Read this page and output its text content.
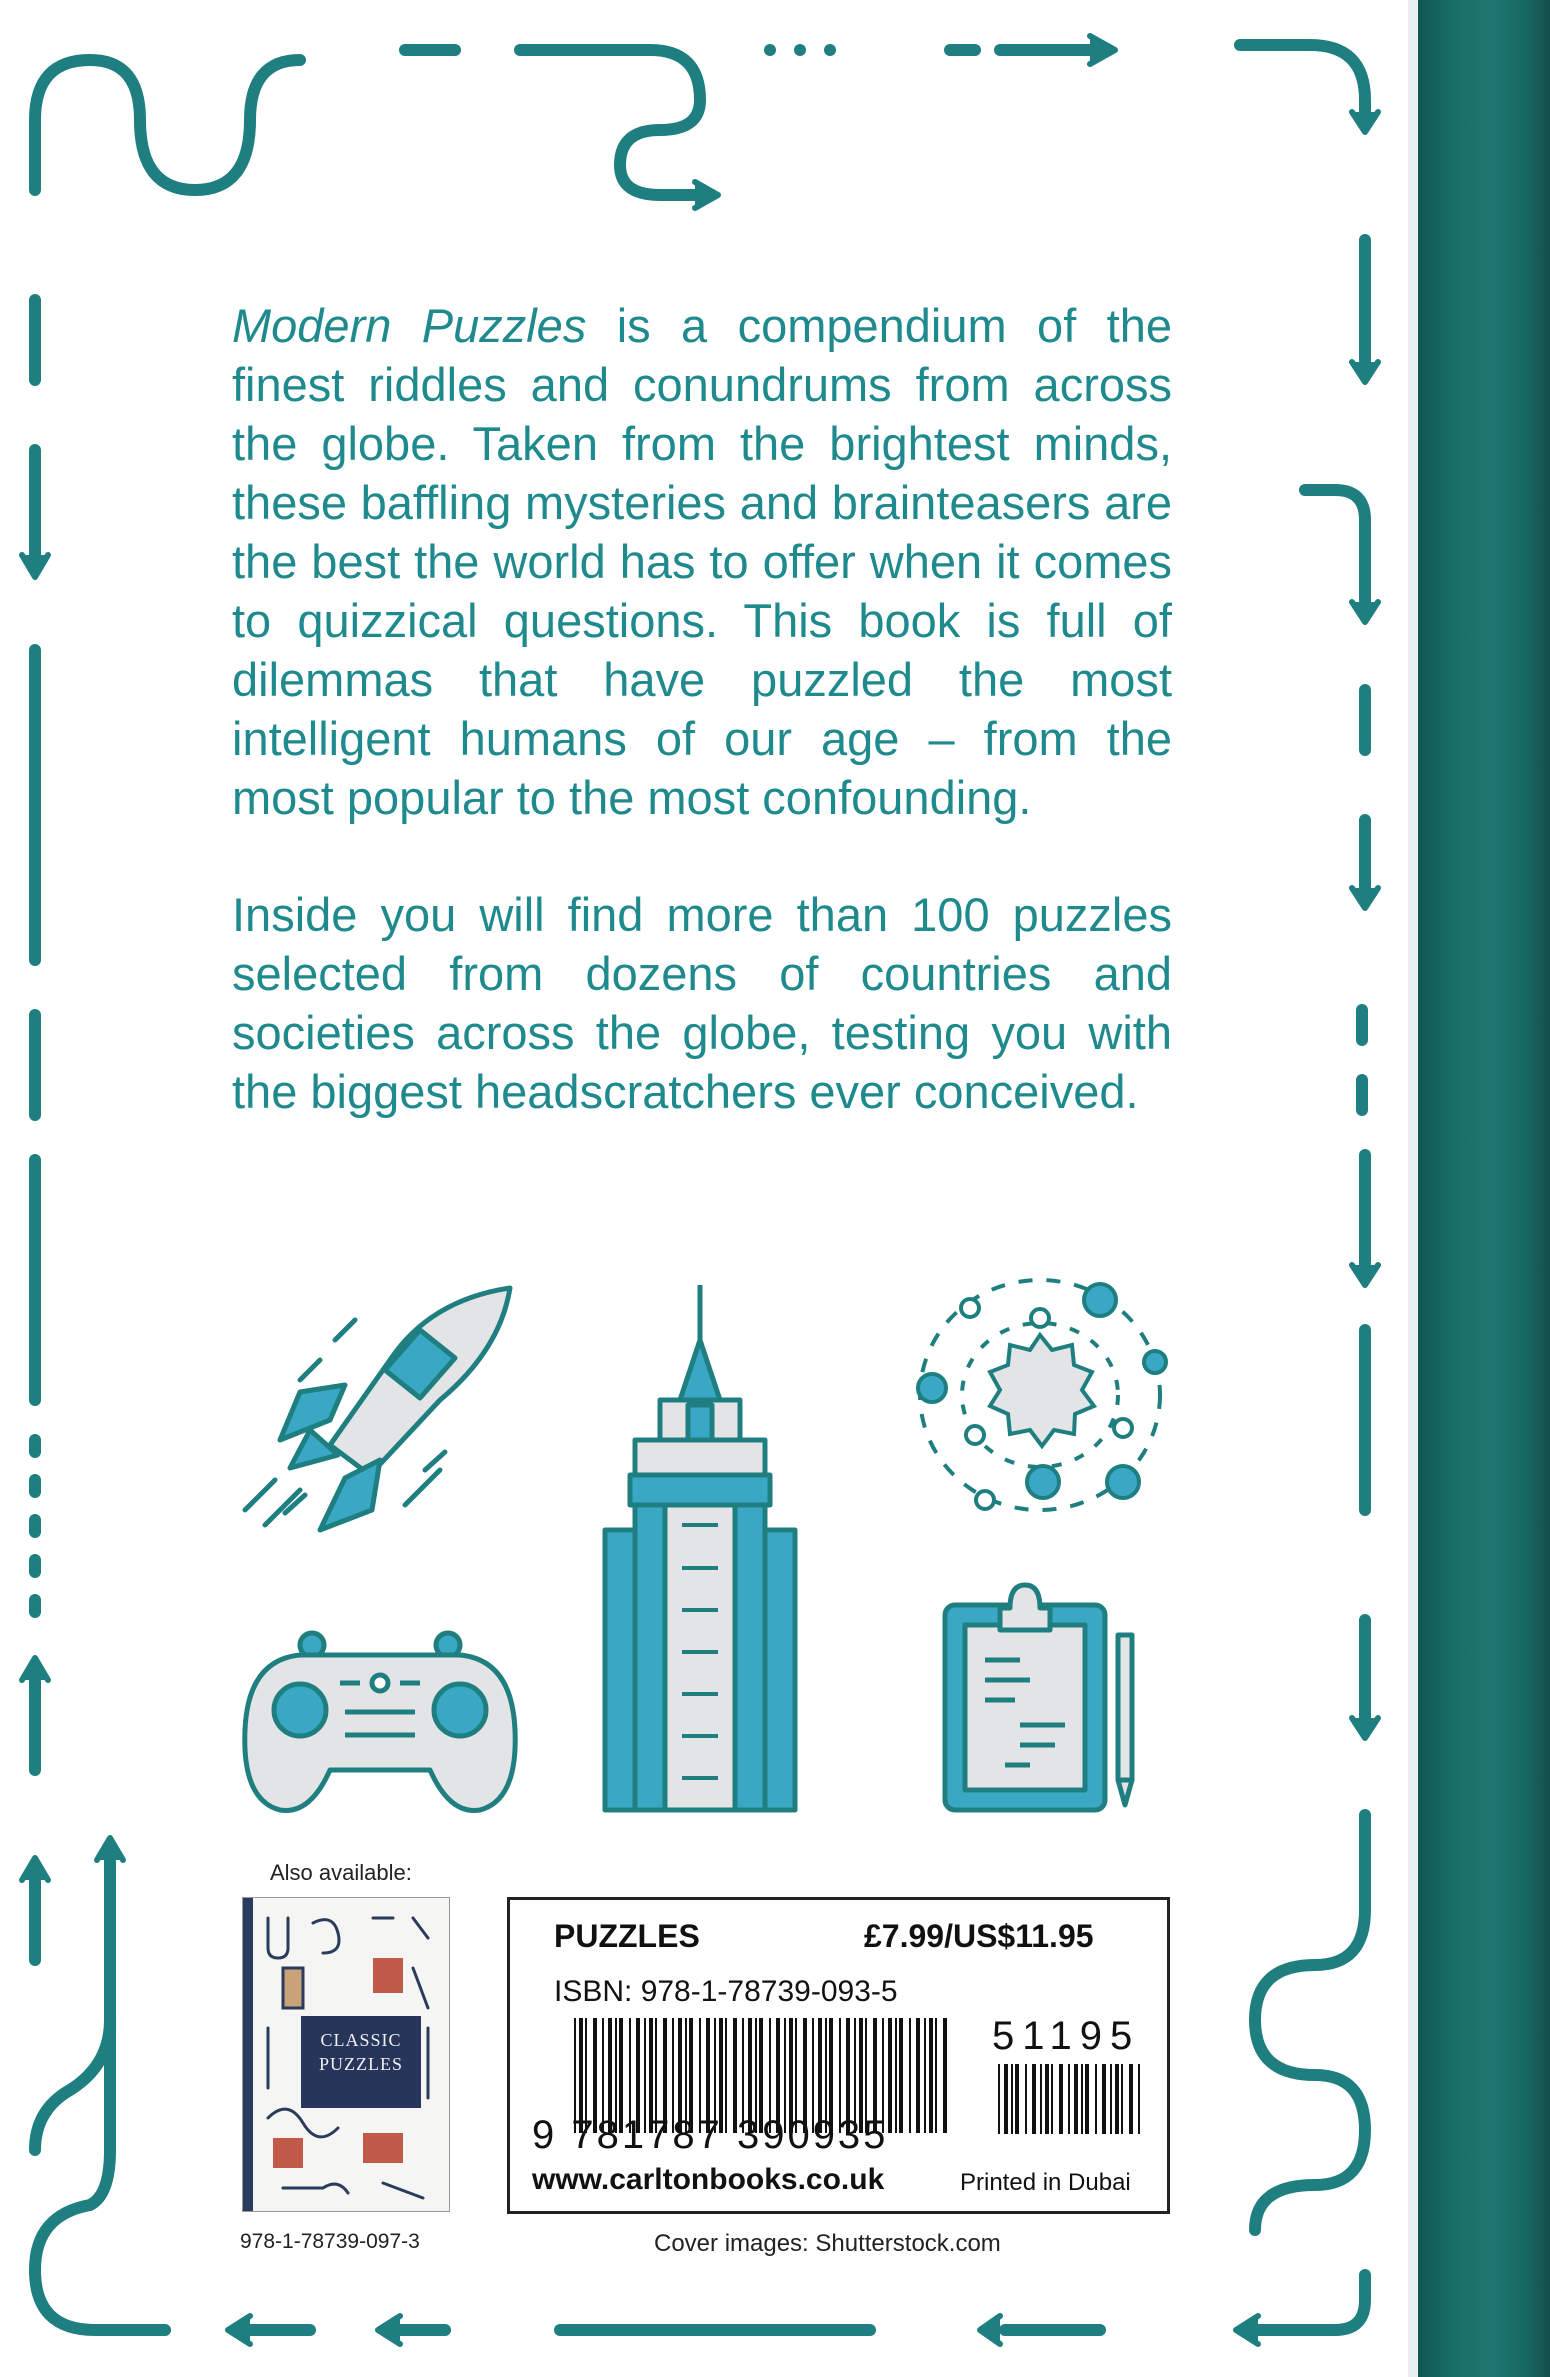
Modern Puzzles is a compendium of the finest riddles and conundrums from across the globe. Taken from the brightest minds, these baffling mysteries and brainteasers are the best the world has to offer when it comes to quizzical questions. This book is full of dilemmas that have puzzled the most intelligent humans of our age – from the most popular to the most confounding.

Inside you will find more than 100 puzzles selected from dozens of countries and societies across the globe, testing you with the biggest headscratchers ever conceived.

Also available:
CLASSIC
PUZZLES
978-1-78739-097-3
PUZZLES	£7.99/US$11.95
ISBN: 978-1-78739-093-5
51195
9 781787 390935
www.carltonbooks.co.uk	Printed in Dubai
Cover images: Shutterstock.com
